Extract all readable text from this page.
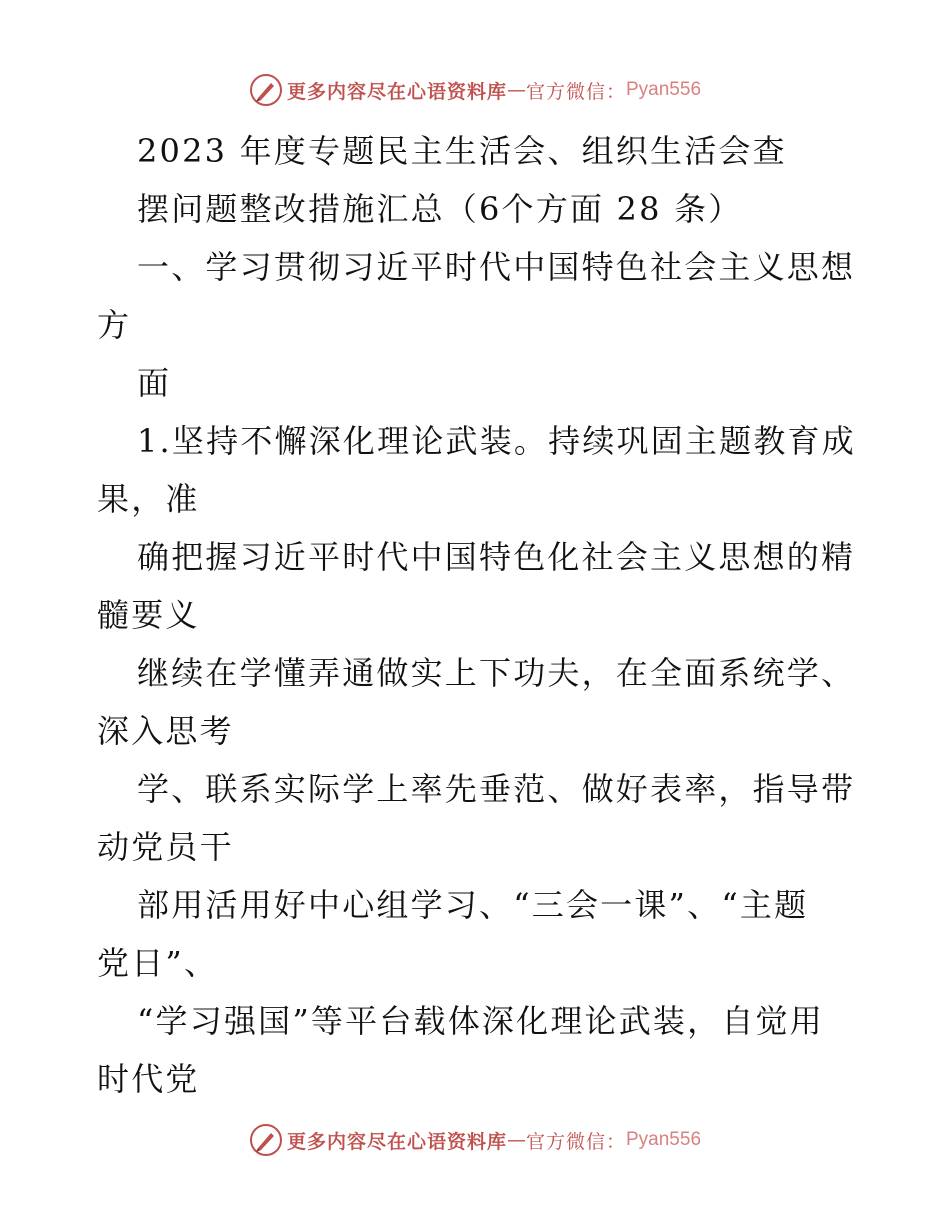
更多内容尽在心语资料库 — 官方微信： Pyan556
2023 年度专题民主生活会、组织生活会查
摆问题整改措施汇总（6个方面 28 条）
一、学习贯彻习近平时代中国特色社会主义思想
方
面
1.坚持不懈深化理论武装。持续巩固主题教育成
果，准
确把握习近平时代中国特色化社会主义思想的精
髓要义
继续在学懂弄通做实上下功夫，在全面系统学、
深入思考
学、联系实际学上率先垂范、做好表率，指导带
动党员干
部用活用好中心组学习、“三会一课”、“主题
党日”、
“学习强国”等平台载体深化理论武装，自觉用
时代党
更多内容尽在心语资料库 — 官方微信： Pyan556
